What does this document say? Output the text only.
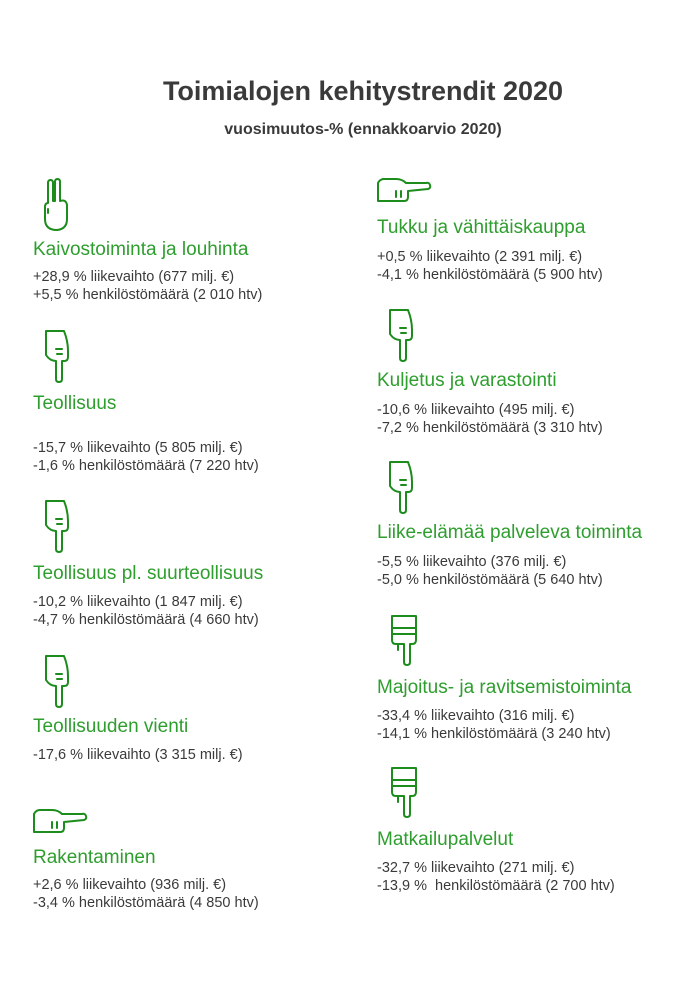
Toimialojen kehitystrendit 2020
vuosimuutos-% (ennakkoarvio 2020)
Kaivostoiminta ja louhinta
+28,9 % liikevaihto (677 milj. €)
+5,5 % henkilöstömäärä (2 010 htv)
Teollisuus
-15,7 % liikevaihto (5 805 milj. €)
-1,6 % henkilöstömäärä (7 220 htv)
Teollisuus pl. suurteollisuus
-10,2 % liikevaihto (1 847 milj. €)
-4,7 % henkilöstömäärä (4 660 htv)
Teollisuuden vienti
-17,6 % liikevaihto (3 315 milj. €)
Rakentaminen
+2,6 % liikevaihto (936 milj. €)
-3,4 % henkilöstömäärä (4 850 htv)
Tukku ja vähittäiskauppa
+0,5 % liikevaihto (2 391 milj. €)
-4,1 % henkilöstömäärä (5 900 htv)
Kuljetus ja varastointi
-10,6 % liikevaihto (495 milj. €)
-7,2 % henkilöstömäärä (3 310 htv)
Liike-elämää palveleva toiminta
-5,5 % liikevaihto (376 milj. €)
-5,0 % henkilöstömäärä (5 640 htv)
Majoitus- ja ravitsemistoiminta
-33,4 % liikevaihto (316 milj. €)
-14,1 % henkilöstömäärä (3 240 htv)
Matkailupalvelut
-32,7 % liikevaihto (271 milj. €)
-13,9 %  henkilöstömäärä (2 700 htv)
